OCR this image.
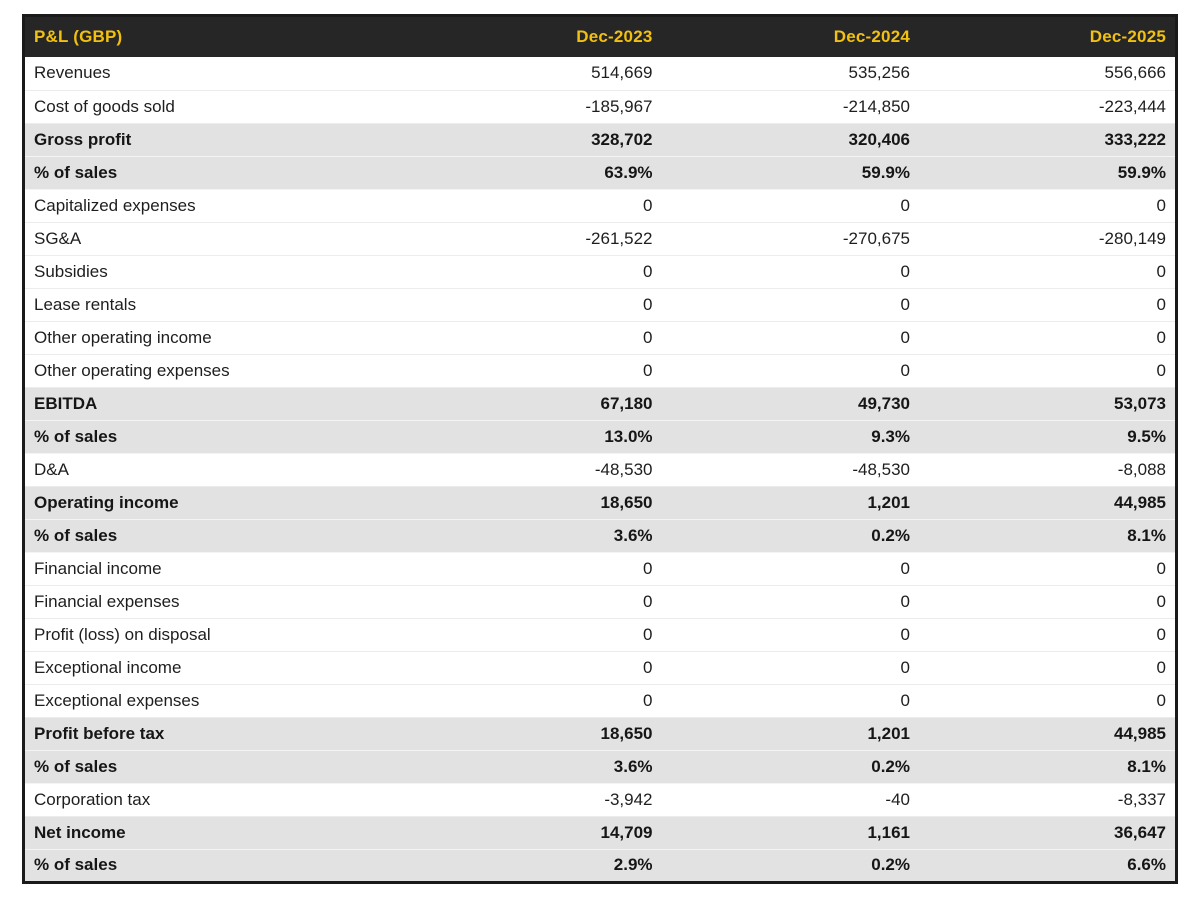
P&L (GBP)	Dec-2023	Dec-2024	Dec-2025
Revenues	514,669	535,256	556,666
Cost of goods sold	-185,967	-214,850	-223,444
Gross profit	328,702	320,406	333,222
% of sales	63.9%	59.9%	59.9%
Capitalized expenses	0	0	0
SG&A	-261,522	-270,675	-280,149
Subsidies	0	0	0
Lease rentals	0	0	0
Other operating income	0	0	0
Other operating expenses	0	0	0
EBITDA	67,180	49,730	53,073
% of sales	13.0%	9.3%	9.5%
D&A	-48,530	-48,530	-8,088
Operating income	18,650	1,201	44,985
% of sales	3.6%	0.2%	8.1%
Financial income	0	0	0
Financial expenses	0	0	0
Profit (loss) on disposal	0	0	0
Exceptional income	0	0	0
Exceptional expenses	0	0	0
Profit before tax	18,650	1,201	44,985
% of sales	3.6%	0.2%	8.1%
Corporation tax	-3,942	-40	-8,337
Net income	14,709	1,161	36,647
% of sales	2.9%	0.2%	6.6%
